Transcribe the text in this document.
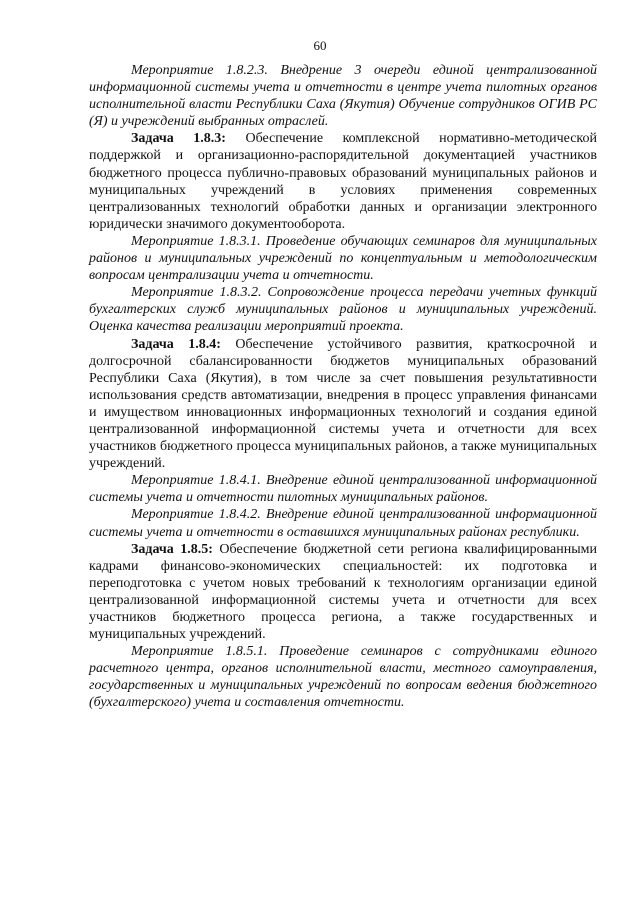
60

Мероприятие 1.8.2.3. Внедрение 3 очереди единой централизованной информационной системы учета и отчетности в центре учета пилотных органов исполнительной власти Республики Саха (Якутия) Обучение сотрудников ОГИВ РС (Я) и учреждений выбранных отраслей.

Задача 1.8.3: Обеспечение комплексной нормативно-методической поддержкой и организационно-распорядительной документацией участников бюджетного процесса публично-правовых образований муниципальных районов и муниципальных учреждений в условиях применения современных централизованных технологий обработки данных и организации электронного юридически значимого документооборота.

Мероприятие 1.8.3.1. Проведение обучающих семинаров для муниципальных районов и муниципальных учреждений по концептуальным и методологическим вопросам централизации учета и отчетности.

Мероприятие 1.8.3.2. Сопровождение процесса передачи учетных функций бухгалтерских служб муниципальных районов и муниципальных учреждений. Оценка качества реализации мероприятий проекта.

Задача 1.8.4: Обеспечение устойчивого развития, краткосрочной и долгосрочной сбалансированности бюджетов муниципальных образований Республики Саха (Якутия), в том числе за счет повышения результативности использования средств автоматизации, внедрения в процесс управления финансами и имуществом инновационных информационных технологий и создания единой централизованной информационной системы учета и отчетности для всех участников бюджетного процесса муниципальных районов, а также муниципальных учреждений.

Мероприятие 1.8.4.1. Внедрение единой централизованной информационной системы учета и отчетности пилотных муниципальных районов.

Мероприятие 1.8.4.2. Внедрение единой централизованной информационной системы учета и отчетности в оставшихся муниципальных районах республики.

Задача 1.8.5: Обеспечение бюджетной сети региона квалифицированными кадрами финансово-экономических специальностей: их подготовка и переподготовка с учетом новых требований к технологиям организации единой централизованной информационной системы учета и отчетности для всех участников бюджетного процесса региона, а также государственных и муниципальных учреждений.

Мероприятие 1.8.5.1. Проведение семинаров с сотрудниками единого расчетного центра, органов исполнительной власти, местного самоуправления, государственных и муниципальных учреждений по вопросам ведения бюджетного (бухгалтерского) учета и составления отчетности.
